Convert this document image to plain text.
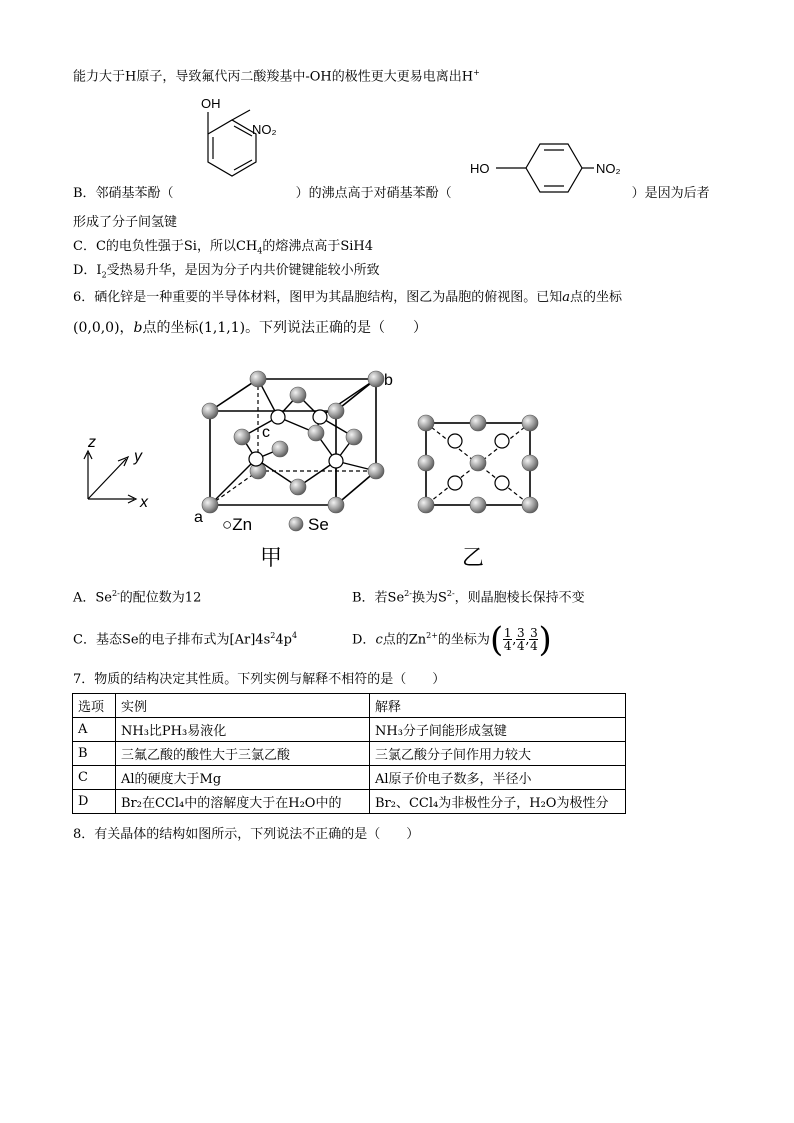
能力大于H原子，导致氟代丙二酸羧基中-OH的极性更大更易电离出H+
OH
NO₂
HO	NO₂
B．邻硝基苯酚（	）的沸点高于对硝基苯酚（	）是因为后者
形成了分子间氢键
C．C的电负性强于Si，所以$CH_4$的熔沸点高于SiH4
D．$I_2$受热易升华，是因为分子内共价键键能较小所致
6．硒化锌是一种重要的半导体材料，图甲为其晶胞结构，图乙为晶胞的俯视图。已知a点的坐标
(0,0,0)，b点的坐标(1,1,1)。下列说法正确的是（　　）
z
y
x
a
b
c
○Zn	Se
甲	乙
A．$Se^{2-}$的配位数为12	B．若$Se^{2-}$换为$S^{2-}$，则晶胞棱长保持不变
C．基态Se的电子排布式为$[Ar]4s^24p^4$	D．c点的$Zn^{2+}$的坐标为( $\frac{1}{4}$ , $\frac{3}{4}$ , $\frac{3}{4}$ )
7．物质的结构决定其性质。下列实例与解释不相符的是（　　）
选项	实例	解释
A	NH₃比PH₃易液化	NH₃分子间能形成氢键
B	三氟乙酸的酸性大于三氯乙酸	三氯乙酸分子间作用力较大
C	Al的硬度大于Mg	Al原子价电子数多，半径小
D	Br₂在CCl₄中的溶解度大于在H₂O中的	Br₂、CCl₄为非极性分子，H₂O为极性分
8．有关晶体的结构如图所示，下列说法不正确的是（　　）
